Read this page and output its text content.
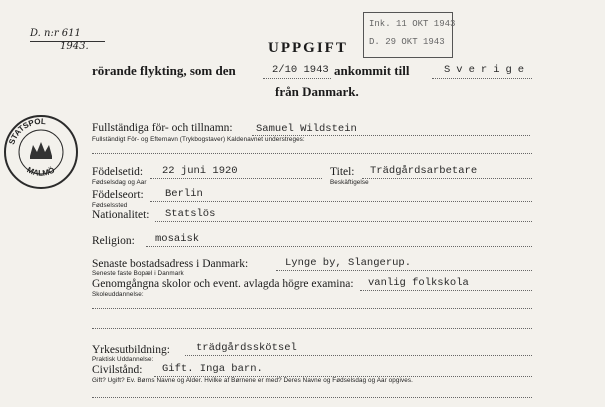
D. n:r 611
1943.
Ink. 11 OKT 1943
D. 29 OKT 1943
UPPGIFT
rörande flykting, som den	2/10 1943 ankommit till	Sverige
från Danmark.
STATSPOL
MALMÖ
Fullständiga för- och tillnamn: Samuel Wildstein
Fullständigt För- og Efternavn (Trykbogstaver) Kaldenavnet understreges:
Födelsetid: 22 juni 1920
Fødselsdag og Aar
Titel: Trädgårdsarbetare
Beskäftigelse
Födelseort: Berlin
Fødselssted
Nationalitet: Statslös
Religion: mosaisk
Senaste bostadsadress i Danmark:	Lynge by, Slangerup.
Seneste faste Bopæl i Danmark
Genomgångna skolor och event. avlagda högre examina: vanlig folkskola
Skoleuddannelse:
Yrkesutbildning: trädgårdsskötsel
Praktisk Uddannelse:
Civilstånd: Gift. Inga barn.
Gift? Ugift? Ev. Børns Navne og Alder. Hvilke af Børnene er med? Deres Navne og Fødselsdag og Aar opgives.
